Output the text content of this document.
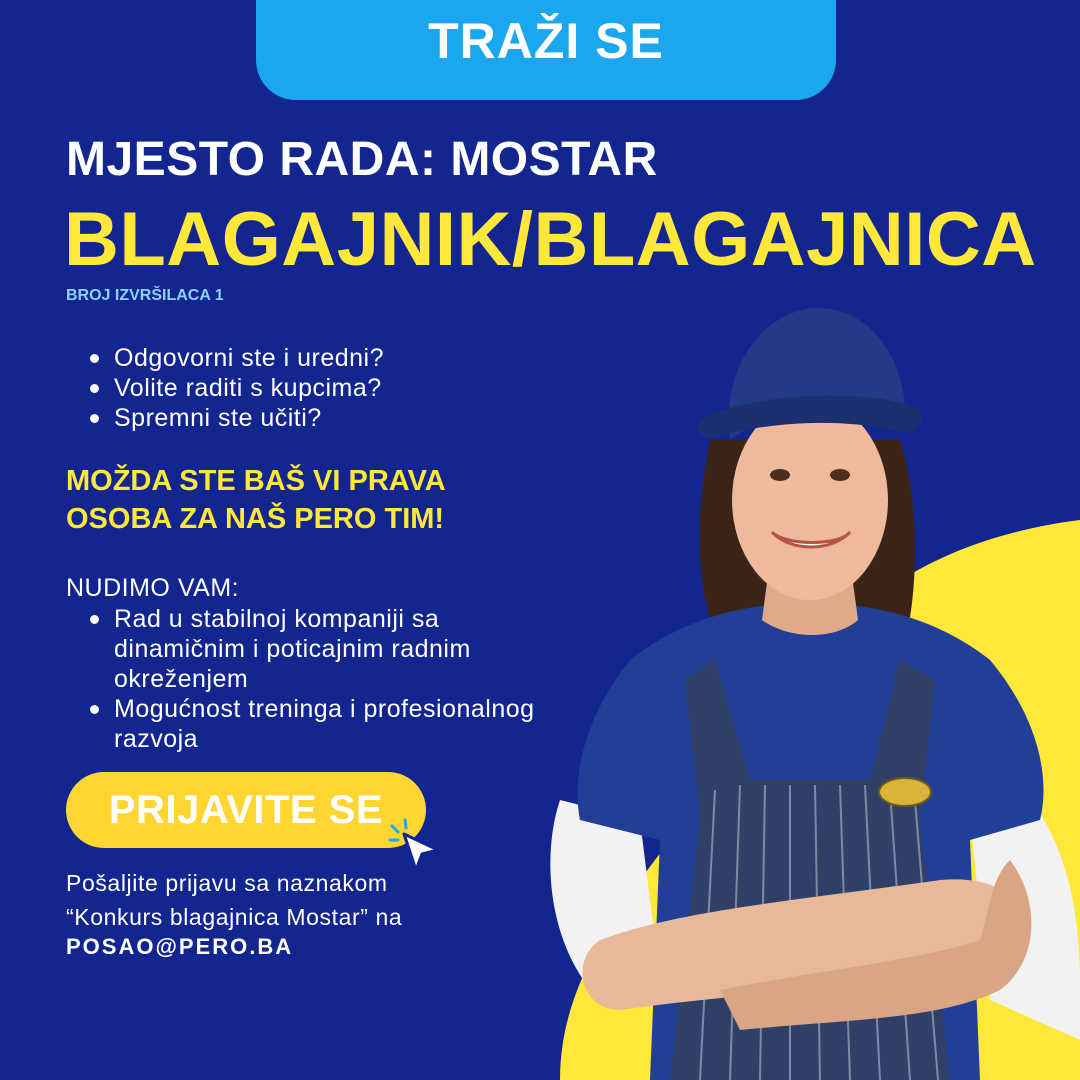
TRAŽI SE
MJESTO RADA: MOSTAR
BLAGAJNIK/BLAGAJNICA
BROJ IZVRŠILACA 1
Odgovorni ste i uredni?
Volite raditi s kupcima?
Spremni ste učiti?
MOŽDA STE BAŠ VI PRAVA
OSOBA ZA NAŠ PERO TIM!
NUDIMO VAM:
Rad u stabilnoj kompaniji sa dinamičnim i poticajnim radnim okreženjem
Mogućnost treninga i profesionalnog razvoja
PRIJAVITE SE
Pošaljite prijavu sa naznakom
“Konkurs blagajnica Mostar” na
POSAO@PERO.BA
